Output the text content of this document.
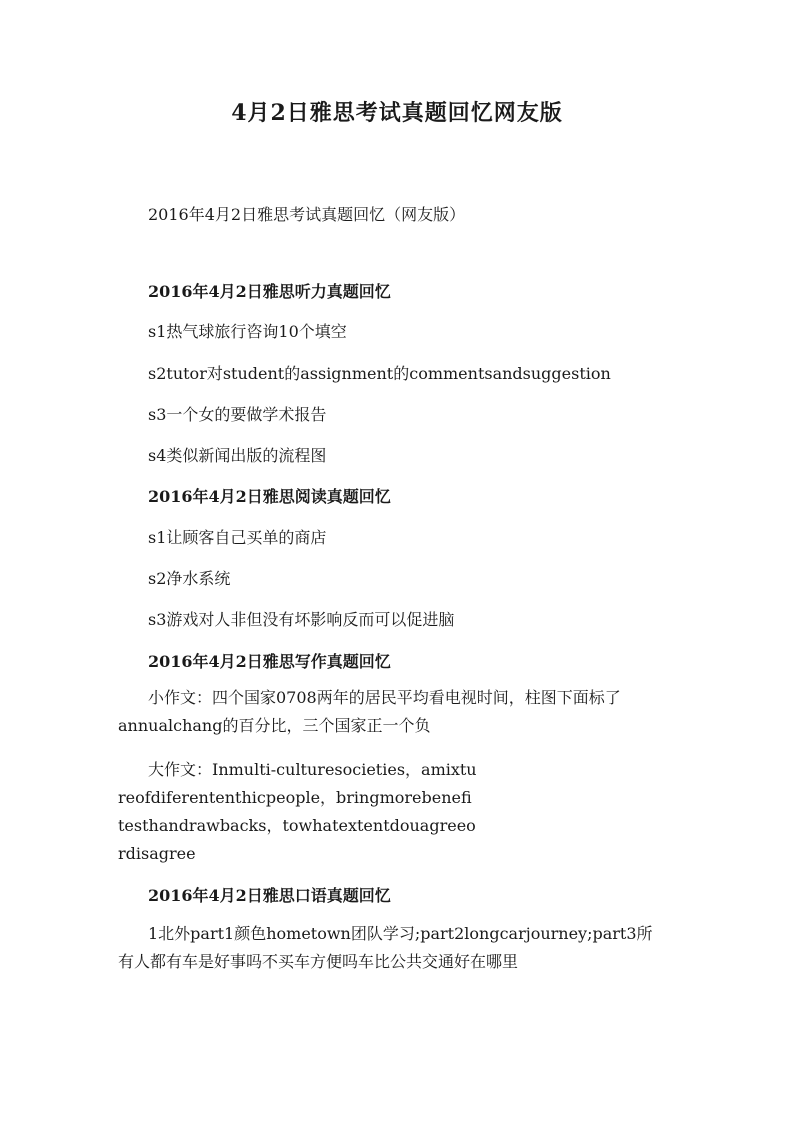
4月2日雅思考试真题回忆网友版
2016年4月2日雅思考试真题回忆（网友版）
2016年4月2日雅思听力真题回忆
s1热气球旅行咨询10个填空
s2tutor对student的assignment的commentsandsuggestion
s3一个女的要做学术报告
s4类似新闻出版的流程图
2016年4月2日雅思阅读真题回忆
s1让顾客自己买单的商店
s2净水系统
s3游戏对人非但没有坏影响反而可以促进脑
2016年4月2日雅思写作真题回忆
小作文：四个国家0708两年的居民平均看电视时间，柱图下面标了annualchang的百分比，三个国家正一个负
大作文：Inmulti-culturesocieties，amixtureofdiferententhicpeople，bringmorebenefitesthandrawbacks，towhatextentdouagreeordisagree
2016年4月2日雅思口语真题回忆
1北外part1颜色hometown团队学习;part2longcarjourney;part3所有人都有车是好事吗不买车方便吗车比公共交通好在哪里
